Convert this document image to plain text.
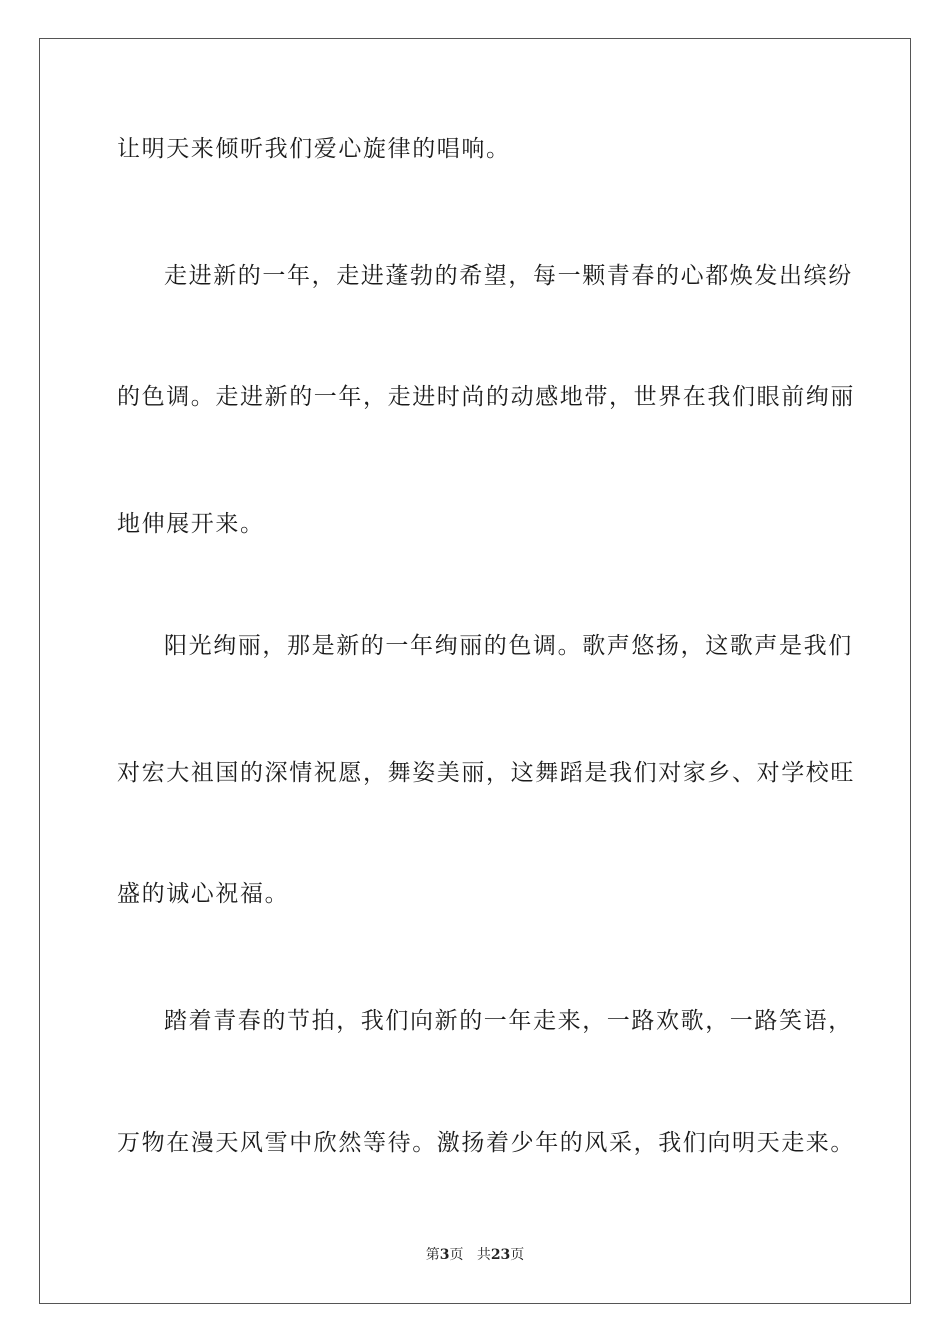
让明天来倾听我们爱心旋律的唱响。
走进新的一年，走进蓬勃的希望，每一颗青春的心都焕发出缤纷
的色调。走进新的一年，走进时尚的动感地带，世界在我们眼前绚丽
地伸展开来。
阳光绚丽，那是新的一年绚丽的色调。歌声悠扬，这歌声是我们
对宏大祖国的深情祝愿，舞姿美丽，这舞蹈是我们对家乡、对学校旺
盛的诚心祝福。
踏着青春的节拍，我们向新的一年走来，一路欢歌，一路笑语，
万物在漫天风雪中欣然等待。激扬着少年的风采，我们向明天走来。
第3页 共23页
